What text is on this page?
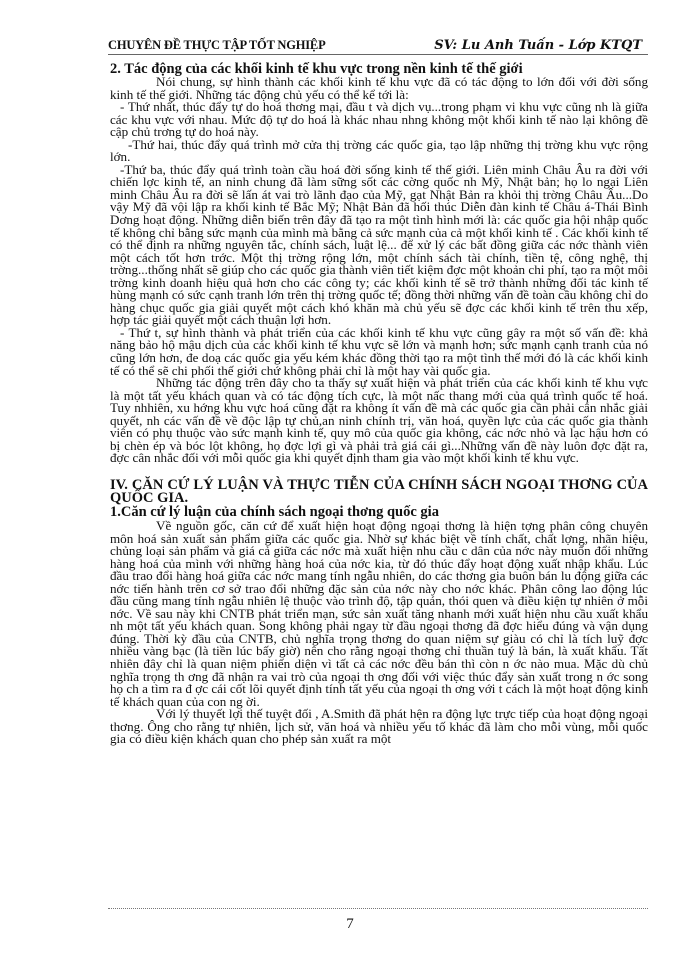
CHUYÊN ĐỀ THỰC TẬP TỐT NGHIỆP	SV: Lu Anh Tuấn - Lớp KTQT

2. Tác động của các khối kinh tế khu vực trong nền kinh tế thế giới

Nói chung, sự hình thành các khối kinh tế khu vực đã có tác động to lớn đối với đời sống kinh tế thế giới. Những tác động chủ yếu có thể kể tới là:

- Thứ nhất, thúc đẩy tự do hoá thơng mại, đầu t và dịch vụ...trong phạm vi khu vực cũng nh là giữa các khu vực với nhau. Mức độ tự do hoá là khác nhau nhng không một khối kinh tế nào lại không đề cập chủ trơng tự do hoá này.

-Thứ hai, thúc đẩy quá trình mở cửa thị trờng các quốc gia, tạo lập những thị trờng khu vực rộng lớn.

-Thứ ba, thúc đẩy quá trình toàn cầu hoá đời sống kinh tế thế giới. Liên minh Châu Âu ra đời với chiến lợc kinh tế, an ninh chung đã làm sững sốt các cờng quốc nh Mỹ, Nhật bản; họ lo ngại Liên minh Châu Âu ra đời sẽ lấn át vai trò lãnh đạo của Mỹ, gạt Nhật Bản ra khỏi thị trờng Châu Âu...Do vậy Mỹ đã vội lập ra khối kinh tế Bắc Mỹ; Nhật Bản đã hối thúc Diễn đàn kinh tế Châu á-Thái Bình Dơng hoạt động. Những diễn biến trên đây đã tạo ra một tình hình mới là: các quốc gia hội nhập quốc tế không chỉ bằng sức mạnh của mình mà bằng cả sức mạnh của cả một khối kinh tế . Các khối kinh tế có thể định ra những nguyên tắc, chính sách, luật lệ... để xử lý các bất đồng giữa các nớc thành viên một cách tốt hơn trớc. Một thị trờng rộng lớn, một chính sách tài chính, tiền tệ, công nghệ, thị trờng...thống nhất sẽ giúp cho các quốc gia thành viên tiết kiệm đợc một khoản chi phí, tạo ra một môi trờng kinh doanh hiệu quả hơn cho các công ty; các khối kinh tế sẽ trở thành những đối tác kinh tế hùng mạnh có sức cạnh tranh lớn trên thị trờng quốc tế; đồng thời những vấn đề toàn cầu không chỉ do hàng chục quốc gia giải quyết một cách khó khăn mà chủ yếu sẽ đợc các khối kinh tế trên thu xếp, hợp tác giải quyết một cách thuận lợi hơn.

- Thứ t, sự hình thành và phát triển của các khối kinh tế khu vực cũng gây ra một số vấn đề: khả năng bảo hộ mậu dịch của các khối kinh tế khu vực sẽ lớn và mạnh hơn; sức mạnh cạnh tranh của nó cũng lớn hơn, đe doạ các quốc gia yếu kém khác đồng thời tạo ra một tình thế mới đó là các khối kinh tế có thể sẽ chi phối thế giới chứ không phải chỉ là một hay vài quốc gia.

Những tác động trên đây cho ta thấy sự xuất hiện và phát triển của các khối kinh tế khu vực là một tất yếu khách quan và có tác động tích cực, là một nấc thang mới của quá trình quốc tế hoá. Tuy nhhiên, xu hớng khu vực hoá cũng đặt ra không ít vấn đề mà các quốc gia cần phải cân nhắc giải quyết, nh các vấn đề về độc lập tự chủ,an ninh chính trị, văn hoá, quyền lực của các quốc gia thành viên có phụ thuộc vào sức mạnh kinh tế, quy mô của quốc gia không, các nớc nhỏ và lạc hậu hơn có bị chèn ép và bóc lột không, họ đợc lợi gì và phải trả giá cái gì...Những vấn đề này luôn đợc đặt ra, đợc cân nhắc đối với mỗi quốc gia khi quyết định tham gia vào một khối kinh tế khu vực.

IV. CĂN CỨ LÝ LUẬN VÀ THỰC TIỄN CỦA CHÍNH SÁCH NGOẠI THƠNG CỦA QUỐC GIA.

1.Căn cứ lý luận của chính sách ngoại thơng quốc gia

Về nguồn gốc, căn cứ để xuất hiện hoạt động ngoại thơng là hiện tợng phân công chuyên môn hoá sản xuất sản phẩm giữa các quốc gia. Nhờ sự khác biệt về tính chất, chất lợng, nhãn hiệu, chủng loại sản phẩm và giá cả giữa các nớc mà xuất hiện nhu cầu c dân của nớc này muốn đổi những hàng hoá của mình với những hàng hoá của nớc kia, từ đó thúc đẩy hoạt động xuất nhập khẩu. Lúc đầu trao đổi hàng hoá giữa các nớc mang tính ngẫu nhiên, do các thơng gia buôn bán lu động giữa các nớc tiến hành trên cơ sở trao đổi những đặc sản của nớc này cho nớc khác. Phân công lao động lúc đầu cũng mang tính ngẫu nhiên lệ thuộc vào trình độ, tập quán, thói quen và điều kiện tự nhiên ở mỗi nớc. Về sau này khi CNTB phát triển mạn, sức sản xuất tăng nhanh mới xuất hiện nhu cầu xuất khẩu nh một tất yếu khách quan. Song không phải ngay từ đầu ngoại thơng đã đợc hiểu đúng và vận dụng đúng. Thời kỳ đầu của CNTB, chủ nghĩa trọng thơng do quan niệm sự giàu có chỉ là tích luỹ đợc nhiều vàng bạc (là tiền lúc bấy giờ) nên cho rằng ngoại thơng chỉ thuần tuý là bán, là xuất khẩu. Tất nhiên đây chỉ là quan niệm phiến diện vì tất cả các nớc đều bán thì còn n ớc nào mua. Mặc dù chủ nghĩa trọng th ơng đã nhận ra vai trò của ngoại th ơng đối với việc thúc đẩy sản xuất trong n ớc song họ ch a tìm ra đ ợc cái cốt lõi quyết định tính tất yếu của ngoại th ơng với t cách là một hoạt động kinh tế khách quan của con ng ời.

Với lý thuyết lợi thế tuyệt đối , A.Smith đã phát hện ra động lực trực tiếp của hoạt động ngoại thơng. Ông cho rằng tự nhiên, lịch sử, văn hoá và nhiều yếu tố khác đã làm cho mỗi vùng, mỗi quốc gia có điều kiện khách quan cho phép sản xuất ra một

7
